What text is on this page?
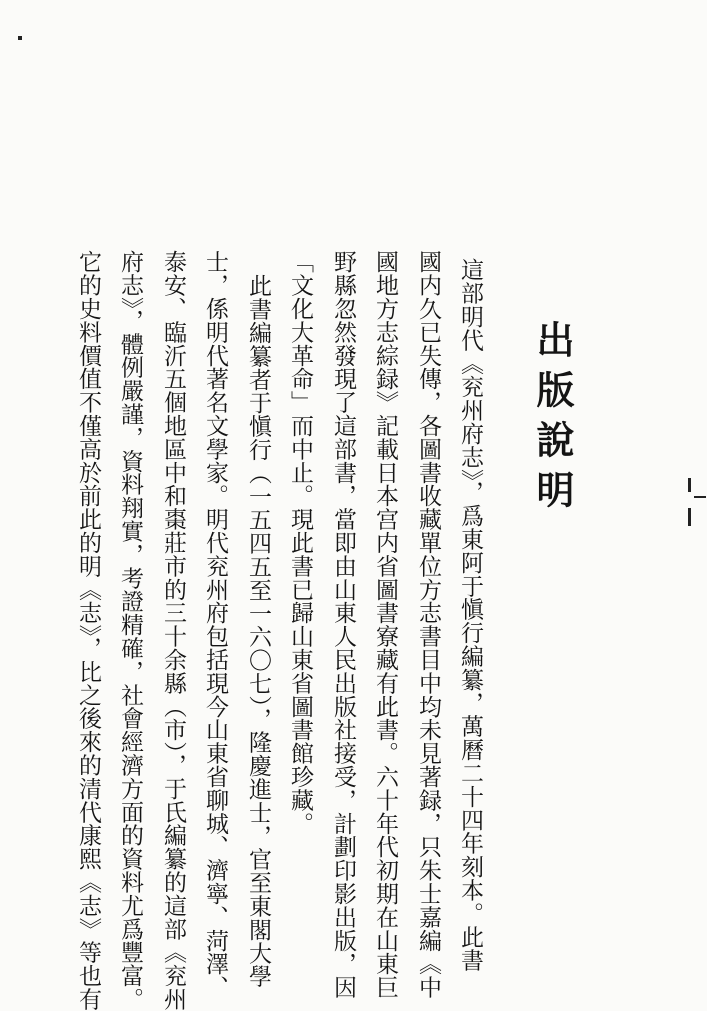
出版說明
這部明代《兖州府志》，爲東阿于愼行編纂，萬曆二十四年刻本。此書
國内久已失傳，各圖書收藏單位方志書目中均未見著録，只朱士嘉編《中
國地方志綜録》記載日本宫内省圖書寮藏有此書。六十年代初期在山東巨
野縣忽然發現了這部書，當即由山東人民出版社接受，計劃印影出版，因
「文化大革命」而中止。現此書已歸山東省圖書館珍藏。
此書編纂者于愼行（一五四五至一六〇七），隆慶進士，官至東閣大學
士，係明代著名文學家。明代兖州府包括現今山東省聊城、濟寧、菏澤、
泰安、臨沂五個地區中和棗莊市的三十余縣（市），于氏編纂的這部《兖州
府志》，體例嚴謹，資料翔實，考證精確，社會經濟方面的資料尤爲豐富。
它的史料價值不僅高於前此的明《志》，比之後來的清代康熙《志》等也有
